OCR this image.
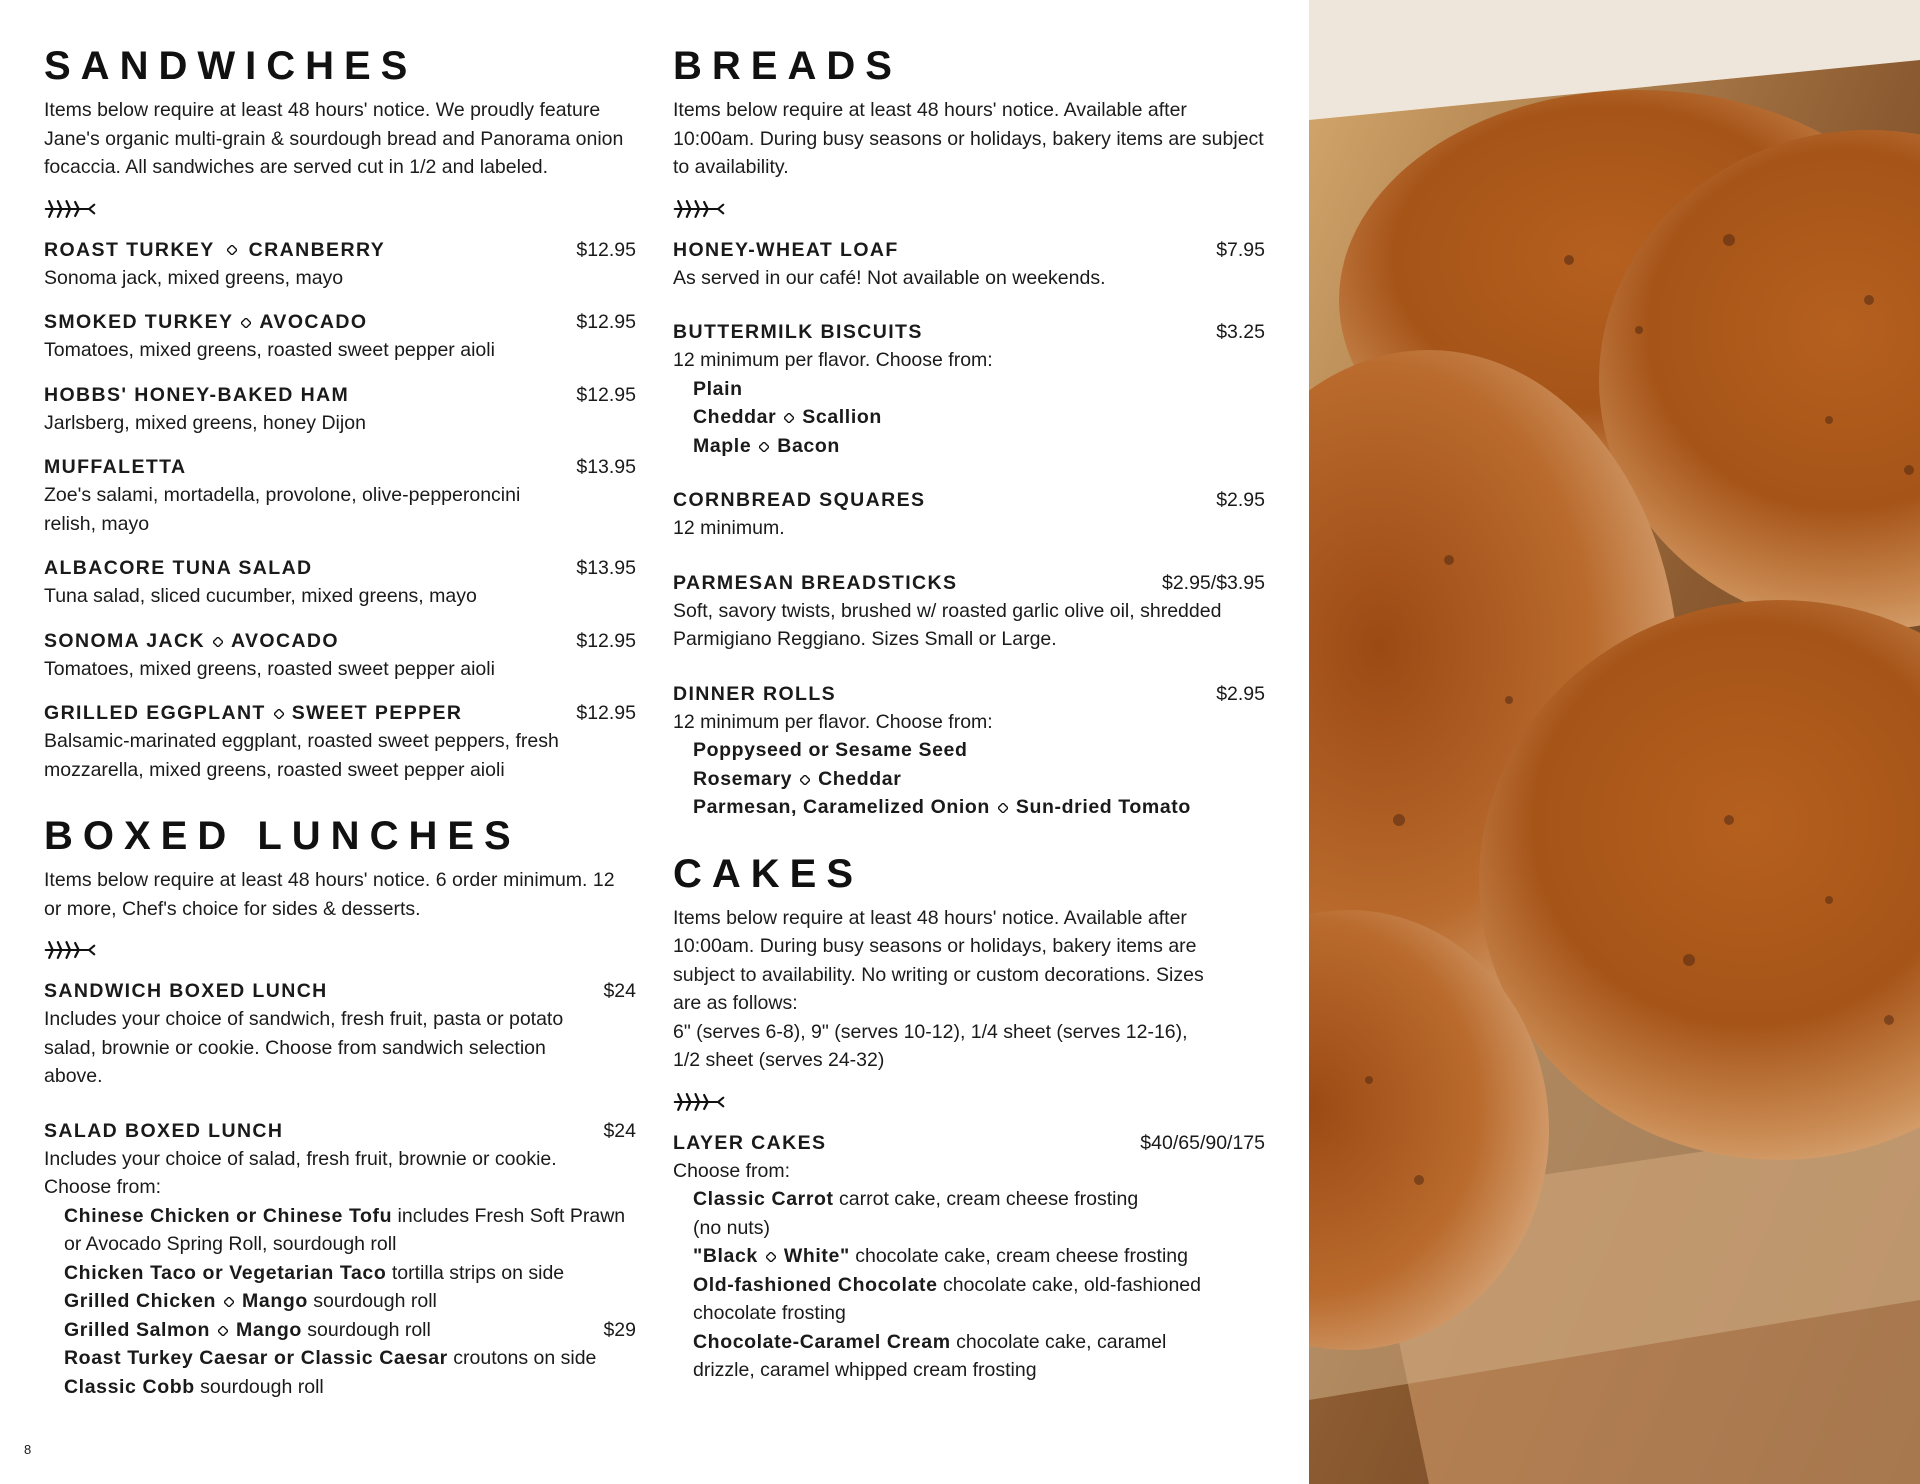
SANDWICHES

Items below require at least 48 hours' notice. We proudly feature Jane's organic multi-grain & sourdough bread and Panorama onion focaccia. All sandwiches are served cut in 1/2 and labeled.

ROAST TURKEY CRANBERRY	$12.95
Sonoma jack, mixed greens, mayo
SMOKED TURKEY AVOCADO	$12.95
Tomatoes, mixed greens, roasted sweet pepper aioli
HOBBS' HONEY-BAKED HAM	$12.95
Jarlsberg, mixed greens, honey Dijon
MUFFALETTA	$13.95
Zoe's salami, mortadella, provolone, olive-pepperoncini relish, mayo
ALBACORE TUNA SALAD	$13.95
Tuna salad, sliced cucumber, mixed greens, mayo
SONOMA JACK AVOCADO	$12.95
Tomatoes, mixed greens, roasted sweet pepper aioli
GRILLED EGGPLANT SWEET PEPPER	$12.95
Balsamic-marinated eggplant, roasted sweet peppers, fresh mozzarella, mixed greens, roasted sweet pepper aioli
BOXED LUNCHES

Items below require at least 48 hours' notice. 6 order minimum. 12 or more, Chef's choice for sides & desserts.

SANDWICH BOXED LUNCH	$24
Includes your choice of sandwich, fresh fruit, pasta or potato salad, brownie or cookie. Choose from sandwich selection above.
SALAD BOXED LUNCH	$24
Includes your choice of salad, fresh fruit, brownie or cookie.
Choose from:
Chinese Chicken or Chinese Tofu includes Fresh Soft Prawn or Avocado Spring Roll, sourdough roll
Chicken Taco or Vegetarian Taco tortilla strips on side
Grilled Chicken Mango sourdough roll
Grilled Salmon Mango sourdough roll	$29
Roast Turkey Caesar or Classic Caesar croutons on side
Classic Cobb sourdough roll
BREADS

Items below require at least 48 hours' notice. Available after 10:00am. During busy seasons or holidays, bakery items are subject to availability.

HONEY-WHEAT LOAF	$7.95
As served in our café! Not available on weekends.
BUTTERMILK BISCUITS	$3.25
12 minimum per flavor. Choose from:
Plain
Cheddar Scallion
Maple Bacon
CORNBREAD SQUARES	$2.95
12 minimum.
PARMESAN BREADSTICKS	$2.95/$3.95
Soft, savory twists, brushed w/ roasted garlic olive oil, shredded Parmigiano Reggiano. Sizes Small or Large.
DINNER ROLLS	$2.95
12 minimum per flavor. Choose from:
Poppyseed or Sesame Seed
Rosemary Cheddar
Parmesan, Caramelized Onion Sun-dried Tomato
CAKES

Items below require at least 48 hours' notice. Available after 10:00am. During busy seasons or holidays, bakery items are subject to availability. No writing or custom decorations. Sizes are as follows:

6" (serves 6-8), 9" (serves 10-12), 1/4 sheet (serves 12-16),
1/2 sheet (serves 24-32)
LAYER CAKES	$40/65/90/175
Choose from:
Classic Carrot carrot cake, cream cheese frosting
(no nuts)
"Black White" chocolate cake, cream cheese frosting
Old-fashioned Chocolate chocolate cake, old-fashioned chocolate frosting
Chocolate-Caramel Cream chocolate cake, caramel drizzle, caramel whipped cream frosting
8
